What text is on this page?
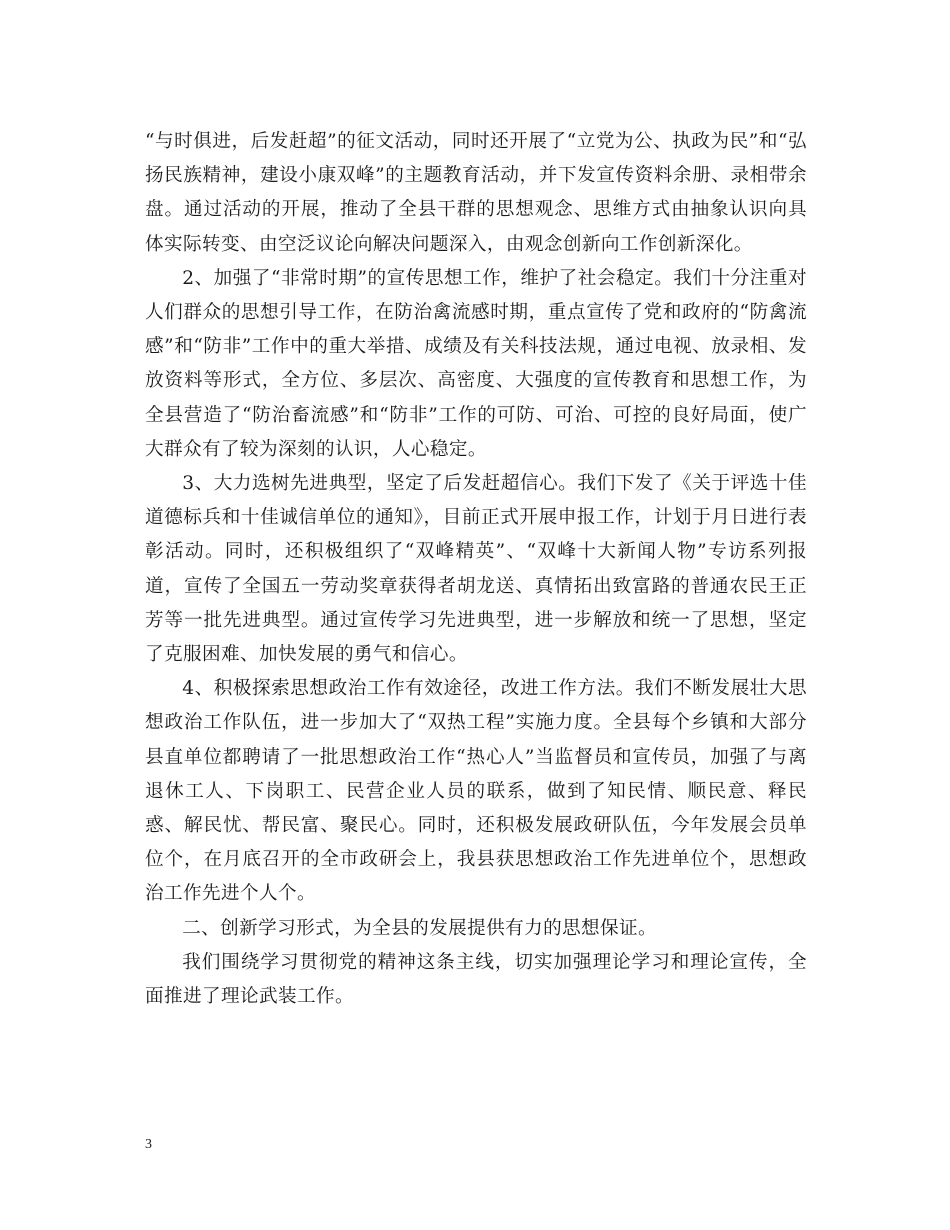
“与时俱进，后发赶超”的征文活动，同时还开展了“立党为公、执政为民”和“弘扬民族精神，建设小康双峰”的主题教育活动，并下发宣传资料余册、录相带余盘。通过活动的开展，推动了全县干群的思想观念、思维方式由抽象认识向具体实际转变、由空泛议论向解决问题深入，由观念创新向工作创新深化。

2、加强了“非常时期”的宣传思想工作，维护了社会稳定。我们十分注重对人们群众的思想引导工作，在防治禽流感时期，重点宣传了党和政府的“防禽流感”和“防非”工作中的重大举措、成绩及有关科技法规，通过电视、放录相、发放资料等形式，全方位、多层次、高密度、大强度的宣传教育和思想工作，为全县营造了“防治畜流感”和“防非”工作的可防、可治、可控的良好局面，使广大群众有了较为深刻的认识，人心稳定。

3、大力选树先进典型，坚定了后发赶超信心。我们下发了《关于评选十佳道德标兵和十佳诚信单位的通知》，目前正式开展申报工作，计划于月日进行表彰活动。同时，还积极组织了“双峰精英”、“双峰十大新闻人物”专访系列报道，宣传了全国五一劳动奖章获得者胡龙送、真情拓出致富路的普通农民王正芳等一批先进典型。通过宣传学习先进典型，进一步解放和统一了思想，坚定了克服困难、加快发展的勇气和信心。

4、积极探索思想政治工作有效途径，改进工作方法。我们不断发展壮大思想政治工作队伍，进一步加大了“双热工程”实施力度。全县每个乡镇和大部分县直单位都聘请了一批思想政治工作“热心人”当监督员和宣传员，加强了与离退休工人、下岗职工、民营企业人员的联系，做到了知民情、顺民意、释民惑、解民忧、帮民富、聚民心。同时，还积极发展政研队伍，今年发展会员单位个，在月底召开的全市政研会上，我县获思想政治工作先进单位个，思想政治工作先进个人个。

二、创新学习形式，为全县的发展提供有力的思想保证。

我们围绕学习贯彻党的精神这条主线，切实加强理论学习和理论宣传，全面推进了理论武装工作。

3
